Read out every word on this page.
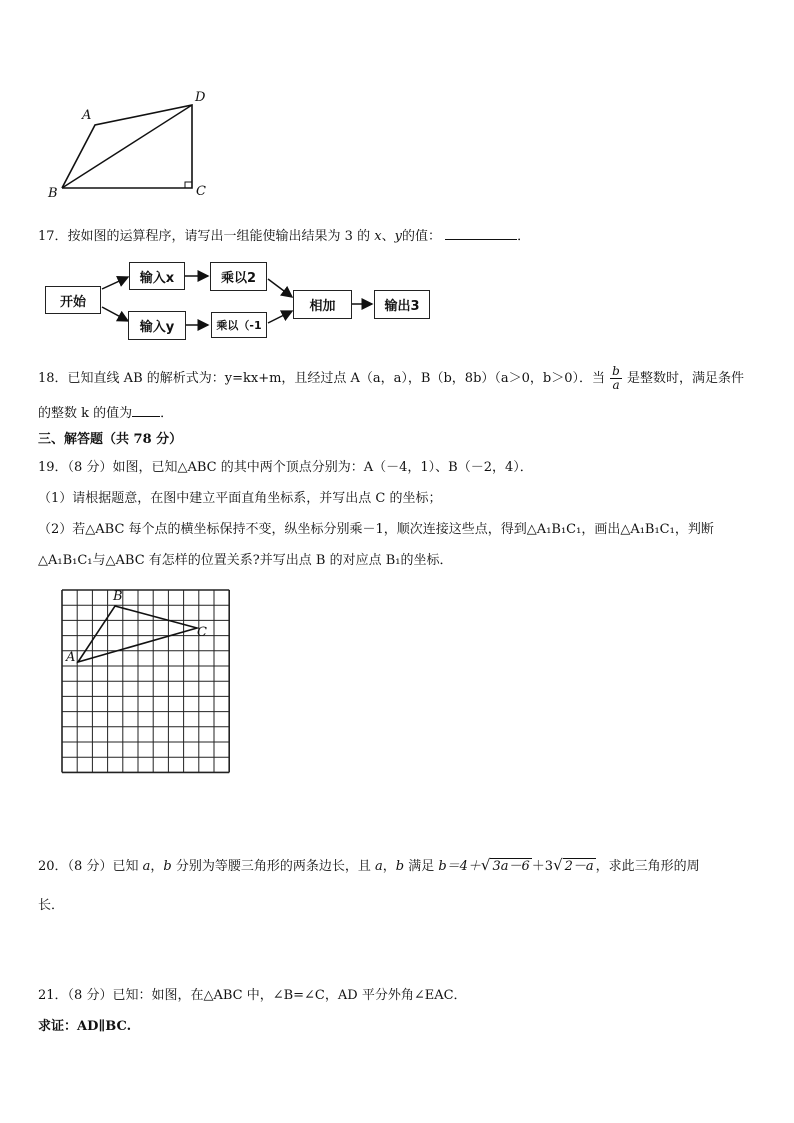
A
D
B	C
17．按如图的运算程序，请写出一组能使输出结果为 3 的 x、y的值：	．
开始
输入x	乘以2
输入y	乘以（-1
相加	输出3
18．已知直线 AB 的解析式为：y=kx+m，且经过点 A（a，a），B（b，8b）（a＞0，b＞0）．当 $\frac{b}{a}$ 是整数时，满足条件
的整数 k 的值为 ．
三、解答题（共 78 分）
19．（8 分）如图，已知△ABC 的其中两个顶点分别为：A（－4，1）、B（－2，4）．
（1）请根据题意，在图中建立平面直角坐标系，并写出点 C 的坐标；
（2）若△ABC 每个点的横坐标保持不变，纵坐标分别乘－1，顺次连接这些点，得到△A₁B₁C₁，画出△A₁B₁C₁，判断
△A₁B₁C₁与△ABC 有怎样的位置关系?并写出点 B 的对应点 B₁的坐标．
A
B
C
20．（8 分）已知 a，b 分别为等腰三角形的两条边长，且 a，b 满足 b＝4＋√ 3a－6 ＋3√ 2－a ，求此三角形的周
长．
21．（8 分）已知：如图，在△ABC 中，∠B=∠C，AD 平分外角∠EAC．
求证：AD∥BC.
